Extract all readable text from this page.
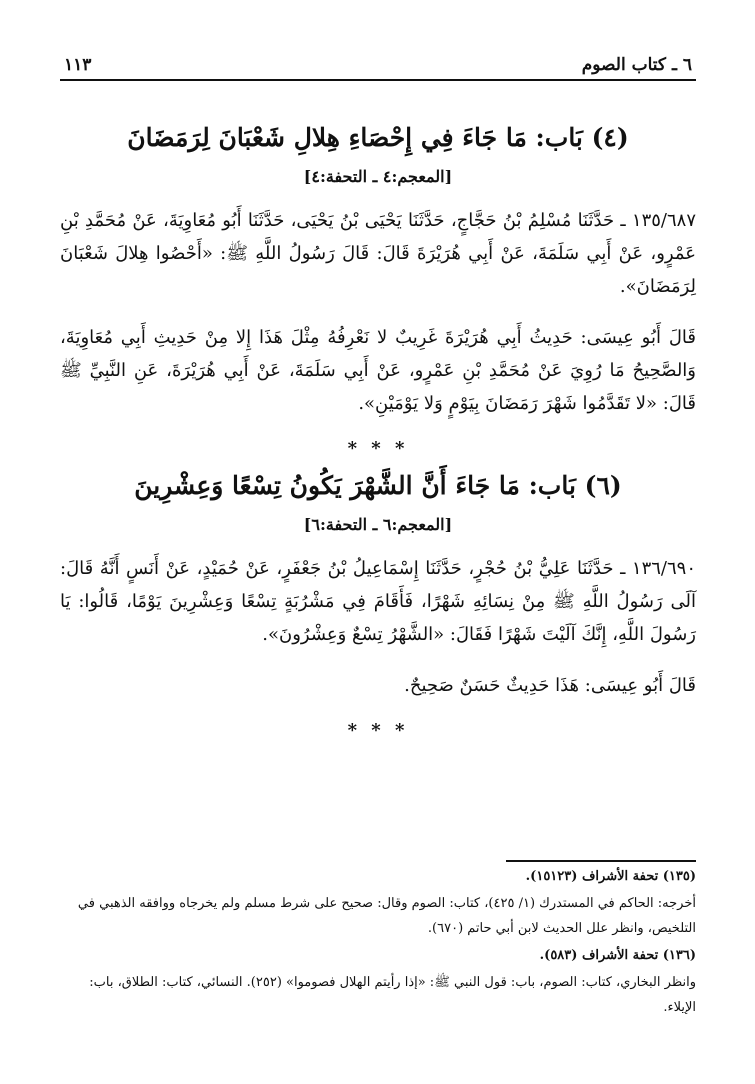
٦ ـ كتاب الصوم
١١٣
(٤) بَاب: مَا جَاءَ فِي إِحْصَاءِ هِلالِ شَعْبَانَ لِرَمَضَانَ
[المعجم:٤ ـ التحفة:٤]

١٣٥/٦٨٧ ـ حَدَّثَنَا مُسْلِمُ بْنُ حَجَّاجٍ، حَدَّثَنَا يَحْيَى بْنُ يَحْيَى، حَدَّثَنَا أَبُو مُعَاوِيَةَ، عَنْ مُحَمَّدِ بْنِ عَمْرٍو، عَنْ أَبِي سَلَمَةَ، عَنْ أَبِي هُرَيْرَةَ قَالَ: قَالَ رَسُولُ اللَّهِ ﷺ: «أَحْصُوا هِلالَ شَعْبَانَ لِرَمَضَانَ».

قَالَ أَبُو عِيسَى: حَدِيثُ أَبِي هُرَيْرَةَ غَرِيبٌ لا نَعْرِفُهُ مِثْلَ هَذَا إِلا مِنْ حَدِيثِ أَبِي مُعَاوِيَةَ، وَالصَّحِيحُ مَا رُوِيَ عَنْ مُحَمَّدِ بْنِ عَمْرٍو، عَنْ أَبِي سَلَمَةَ، عَنْ أَبِي هُرَيْرَةَ، عَنِ النَّبِيِّ ﷺ قَالَ: «لا تَقَدَّمُوا شَهْرَ رَمَضَانَ بِيَوْمٍ وَلا يَوْمَيْنِ».

* * *
(٦) بَاب: مَا جَاءَ أَنَّ الشَّهْرَ يَكُونُ تِسْعًا وَعِشْرِينَ
[المعجم:٦ ـ التحفة:٦]

١٣٦/٦٩٠ ـ حَدَّثَنَا عَلِيُّ بْنُ حُجْرٍ، حَدَّثَنَا إِسْمَاعِيلُ بْنُ جَعْفَرٍ، عَنْ حُمَيْدٍ، عَنْ أَنَسٍ أَنَّهُ قَالَ: آلَى رَسُولُ اللَّهِ ﷺ مِنْ نِسَائِهِ شَهْرًا، فَأَقَامَ فِي مَشْرُبَةٍ تِسْعًا وَعِشْرِينَ يَوْمًا، قَالُوا: يَا رَسُولَ اللَّهِ، إِنَّكَ آلَيْتَ شَهْرًا فَقَالَ: «الشَّهْرُ تِسْعٌ وَعِشْرُونَ».

قَالَ أَبُو عِيسَى: هَذَا حَدِيثٌ حَسَنٌ صَحِيحٌ.

* * *
(١٣٥) تحفة الأشراف (١٥١٢٣).
أخرجه: الحاكم في المستدرك (١/ ٤٢٥)، كتاب: الصوم وقال: صحيح على شرط مسلم ولم يخرجاه ووافقه الذهبي في التلخيص، وانظر علل الحديث لابن أبي حاتم (٦٧٠).
(١٣٦) تحفة الأشراف (٥٨٣).
وانظر البخاري، كتاب: الصوم، باب: قول النبي ﷺ: «إذا رأيتم الهلال فصوموا» (٢٥٢). النسائي، كتاب: الطلاق، باب: الإيلاء.
